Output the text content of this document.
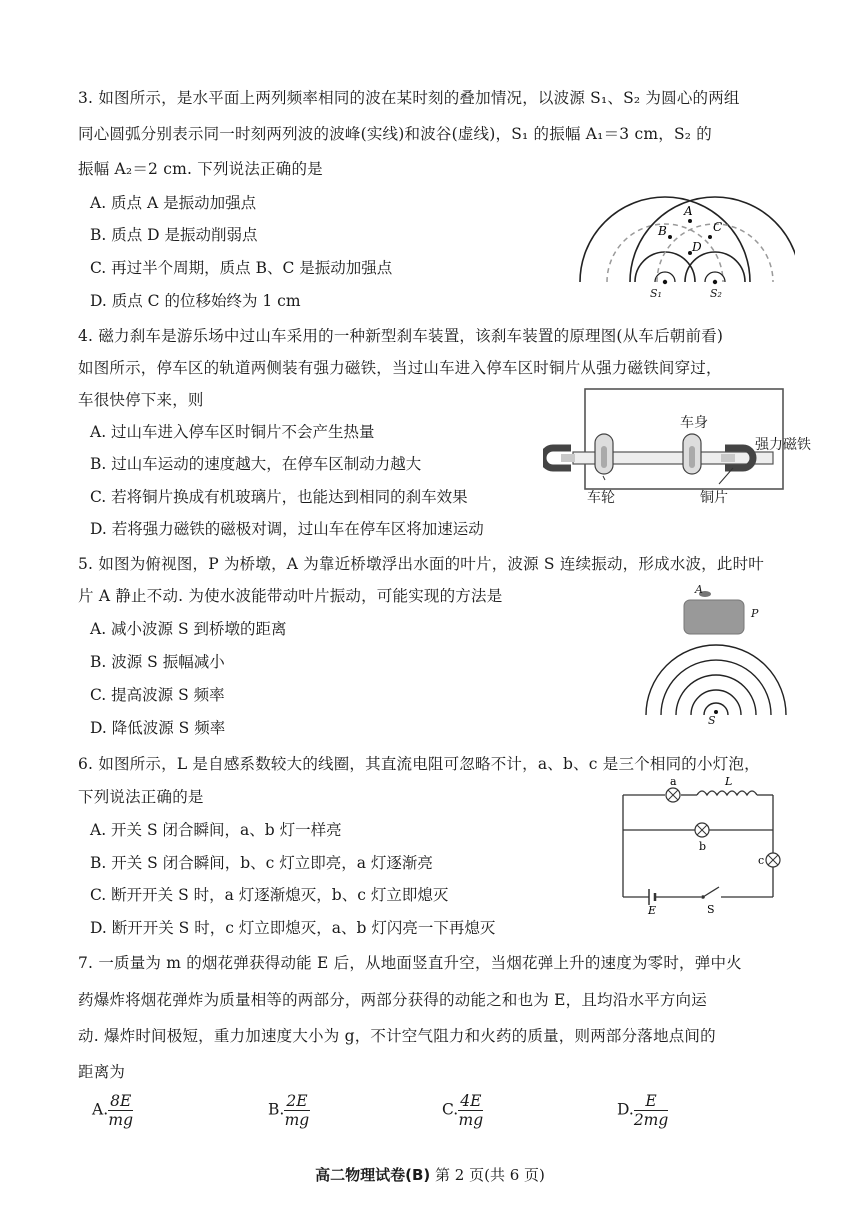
3. 如图所示，是水平面上两列频率相同的波在某时刻的叠加情况，以波源 S₁、S₂ 为圆心的两组
同心圆弧分别表示同一时刻两列波的波峰(实线)和波谷(虚线)，S₁ 的振幅 A₁＝3 cm，S₂ 的
振幅 A₂＝2 cm. 下列说法正确的是
A. 质点 A 是振动加强点
B. 质点 D 是振动削弱点
C. 再过半个周期，质点 B、C 是振动加强点
D. 质点 C 的位移始终为 1 cm
A
B	C
D
S₁	S₂
4. 磁力刹车是游乐场中过山车采用的一种新型刹车装置，该刹车装置的原理图(从车后朝前看)
如图所示，停车区的轨道两侧装有强力磁铁，当过山车进入停车区时铜片从强力磁铁间穿过，
车很快停下来，则
A. 过山车进入停车区时铜片不会产生热量
B. 过山车运动的速度越大，在停车区制动力越大
C. 若将铜片换成有机玻璃片，也能达到相同的刹车效果
D. 若将强力磁铁的磁极对调，过山车在停车区将加速运动
车身
强力磁铁
车轮	铜片
5. 如图为俯视图，P 为桥墩，A 为靠近桥墩浮出水面的叶片，波源 S 连续振动，形成水波，此时叶
片 A 静止不动. 为使水波能带动叶片振动，可能实现的方法是
A. 减小波源 S 到桥墩的距离
B. 波源 S 振幅减小
C. 提高波源 S 频率
D. 降低波源 S 频率
A
P
S
6. 如图所示，L 是自感系数较大的线圈，其直流电阻可忽略不计，a、b、c 是三个相同的小灯泡，
下列说法正确的是
A. 开关 S 闭合瞬间，a、b 灯一样亮
B. 开关 S 闭合瞬间，b、c 灯立即亮，a 灯逐渐亮
C. 断开开关 S 时，a 灯逐渐熄灭，b、c 灯立即熄灭
D. 断开开关 S 时，c 灯立即熄灭，a、b 灯闪亮一下再熄灭
a	L
b
c
E	S
7. 一质量为 m 的烟花弹获得动能 E 后，从地面竖直升空，当烟花弹上升的速度为零时，弹中火
药爆炸将烟花弹炸为质量相等的两部分，两部分获得的动能之和也为 E，且均沿水平方向运
动. 爆炸时间极短，重力加速度大小为 g，不计空气阻力和火药的质量，则两部分落地点间的
距离为
A. $\frac{8E}{mg}$	B. $\frac{2E}{mg}$	C. $\frac{4E}{mg}$	D. $\frac{E}{2mg}$
高二物理试卷(B) 第 2 页(共 6 页)
